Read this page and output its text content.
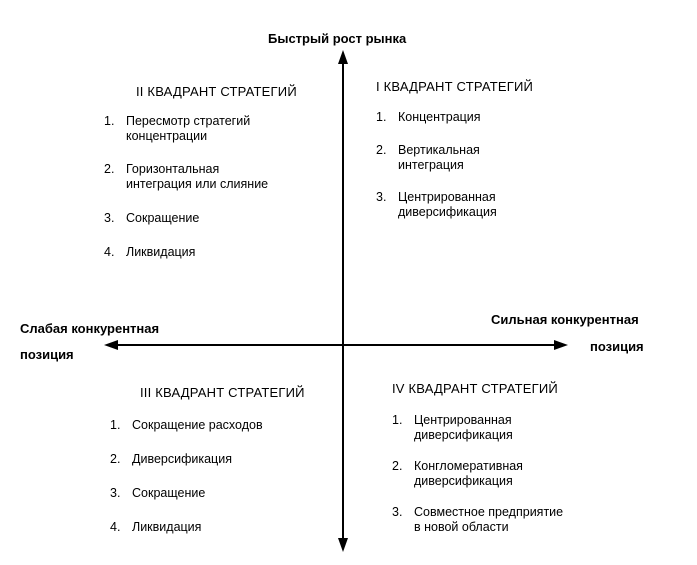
Быстрый рост рынка
Слабая конкурентная
позиция
Сильная конкурентная
позиция
II КВАДРАНТ СТРАТЕГИЙ
1. Пересмотр стратегий
концентрации
2. Горизонтальная
интеграция или слияние
3. Сокращение
4. Ликвидация
I КВАДРАНТ СТРАТЕГИЙ
1. Концентрация
2. Вертикальная
интеграция
3. Центрированная
диверсификация
III КВАДРАНТ СТРАТЕГИЙ
1. Сокращение расходов
2. Диверсификация
3. Сокращение
4. Ликвидация
IV КВАДРАНТ СТРАТЕГИЙ
1. Центрированная
диверсификация
2. Конгломеративная
диверсификация
3. Совместное предприятие
в новой области
